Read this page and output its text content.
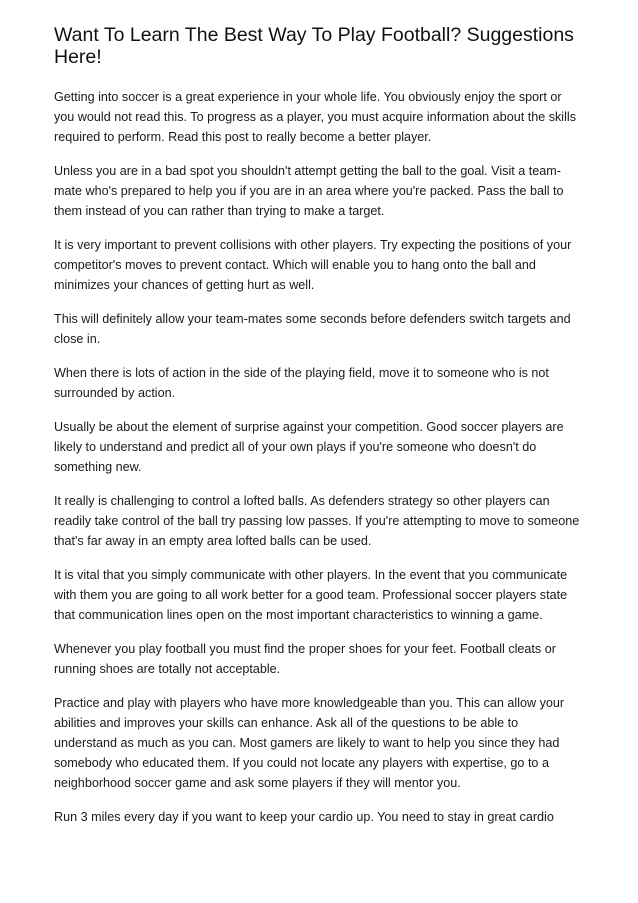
Want To Learn The Best Way To Play Football? Suggestions Here!

Getting into soccer is a great experience in your whole life. You obviously enjoy the sport or you would not read this. To progress as a player, you must acquire information about the skills required to perform. Read this post to really become a better player.

Unless you are in a bad spot you shouldn't attempt getting the ball to the goal. Visit a team-mate who's prepared to help you if you are in an area where you're packed. Pass the ball to them instead of you can rather than trying to make a target.

It is very important to prevent collisions with other players. Try expecting the positions of your competitor's moves to prevent contact. Which will enable you to hang onto the ball and minimizes your chances of getting hurt as well.

This will definitely allow your team-mates some seconds before defenders switch targets and close in.

When there is lots of action in the side of the playing field, move it to someone who is not surrounded by action.

Usually be about the element of surprise against your competition. Good soccer players are likely to understand and predict all of your own plays if you're someone who doesn't do something new.

It really is challenging to control a lofted balls. As defenders strategy so other players can readily take control of the ball try passing low passes. If you're attempting to move to someone that's far away in an empty area lofted balls can be used.

It is vital that you simply communicate with other players. In the event that you communicate with them you are going to all work better for a good team. Professional soccer players state that communication lines open on the most important characteristics to winning a game.

Whenever you play football you must find the proper shoes for your feet. Football cleats or running shoes are totally not acceptable.

Practice and play with players who have more knowledgeable than you. This can allow your abilities and improves your skills can enhance. Ask all of the questions to be able to understand as much as you can. Most gamers are likely to want to help you since they had somebody who educated them. If you could not locate any players with expertise, go to a neighborhood soccer game and ask some players if they will mentor you.

Run 3 miles every day if you want to keep your cardio up. You need to stay in great cardio
